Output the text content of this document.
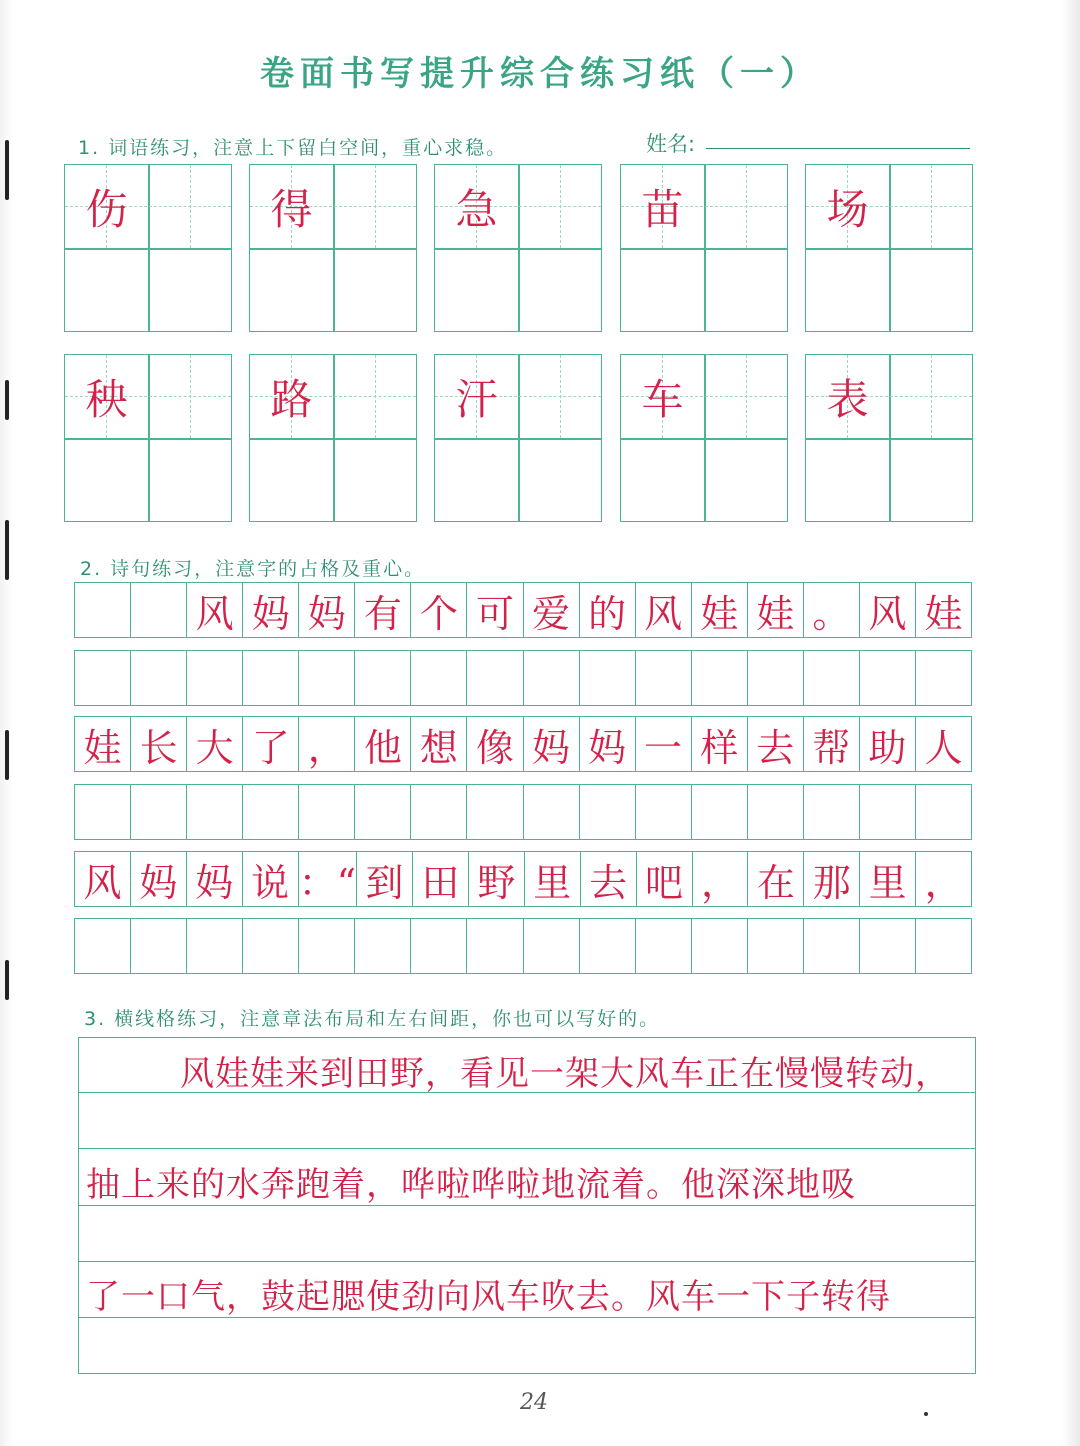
卷面书写提升综合练习纸（一）
1. 词语练习，注意上下留白空间，重心求稳。	姓名:
伤	得	急	苗	场
秧	路	汗	车	表
2. 诗句练习，注意字的占格及重心。
风 妈 妈 有 个 可 爱 的 风 娃 娃 。 风 娃
娃 长 大 了 ， 他 想 像 妈 妈 一 样 去 帮 助 人
风 妈 妈 说 ：“ 到 田 野 里 去 吧 ， 在 那 里 ，
3. 横线格练习，注意章法布局和左右间距，你也可以写好的。
风娃娃来到田野，看见一架大风车正在慢慢转动，
抽上来的水奔跑着，哗啦哗啦地流着。他深深地吸
了一口气，鼓起腮使劲向风车吹去。风车一下子转得
24
